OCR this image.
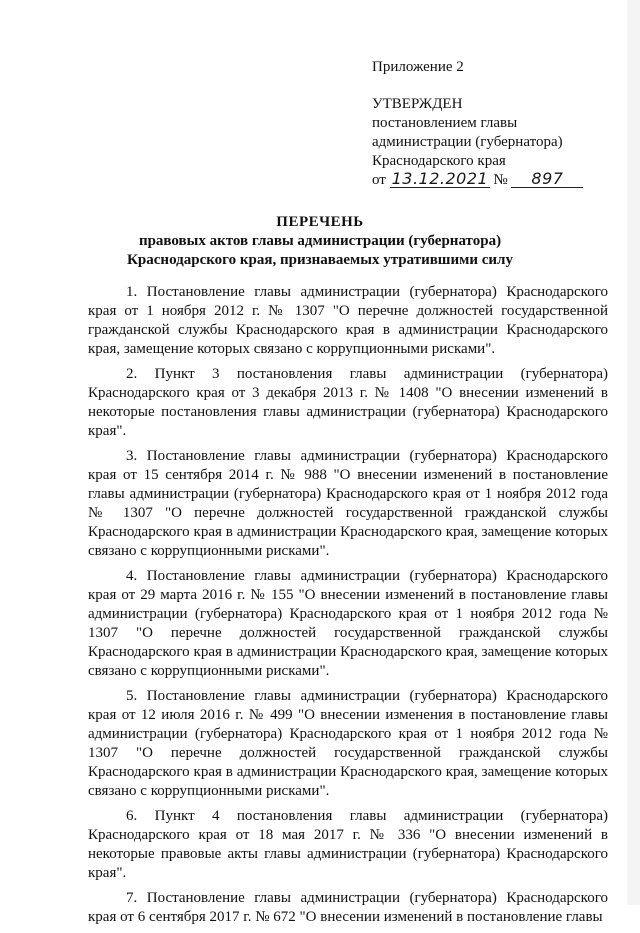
Приложение 2
УТВЕРЖДЕН
постановлением главы
администрации (губернатора)
Краснодарского края
от 13.12.2021 № 897
ПЕРЕЧЕНЬ
правовых актов главы администрации (губернатора)
Краснодарского края, признаваемых утратившими силу

1. Постановление главы администрации (губернатора) Краснодарского края от 1 ноября 2012 г. № 1307 "О перечне должностей государственной гражданской службы Краснодарского края в администрации Краснодарского края, замещение которых связано с коррупционными рисками".

2. Пункт 3 постановления главы администрации (губернатора) Краснодарского края от 3 декабря 2013 г. № 1408 "О внесении изменений в некоторые постановления главы администрации (губернатора) Краснодарского края".

3. Постановление главы администрации (губернатора) Краснодарского края от 15 сентября 2014 г. № 988 "О внесении изменений в постановление главы администрации (губернатора) Краснодарского края от 1 ноября 2012 года № 1307 "О перечне должностей государственной гражданской службы Краснодарского края в администрации Краснодарского края, замещение которых связано с коррупционными рисками".

4. Постановление главы администрации (губернатора) Краснодарского края от 29 марта 2016 г. № 155 "О внесении изменений в постановление главы администрации (губернатора) Краснодарского края от 1 ноября 2012 года № 1307 "О перечне должностей государственной гражданской службы Краснодарского края в администрации Краснодарского края, замещение которых связано с коррупционными рисками".

5. Постановление главы администрации (губернатора) Краснодарского края от 12 июля 2016 г. № 499 "О внесении изменения в постановление главы администрации (губернатора) Краснодарского края от 1 ноября 2012 года № 1307 "О перечне должностей государственной гражданской службы Краснодарского края в администрации Краснодарского края, замещение которых связано с коррупционными рисками".

6. Пункт 4 постановления главы администрации (губернатора) Краснодарского края от 18 мая 2017 г. № 336 "О внесении изменений в некоторые правовые акты главы администрации (губернатора) Краснодарского края".

7. Постановление главы администрации (губернатора) Краснодарского края от 6 сентября 2017 г. № 672 "О внесении изменений в постановление главы
